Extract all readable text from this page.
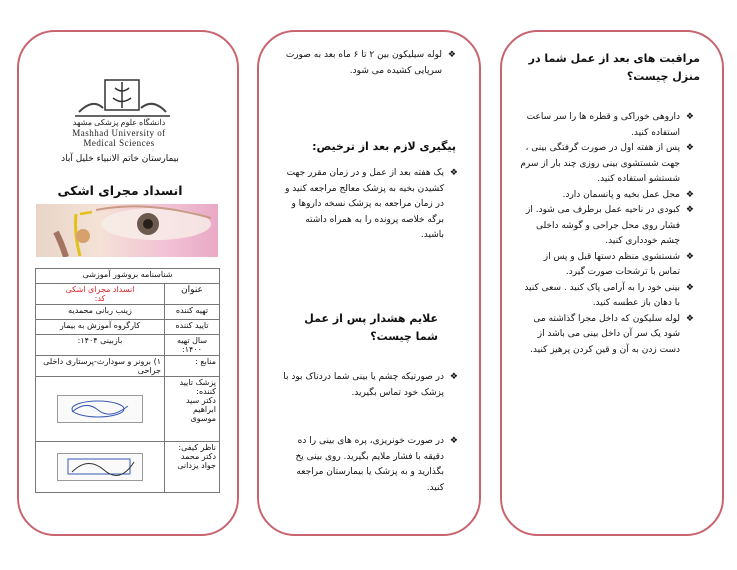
دانشگاه علوم پزشکی مشهد
Mashhad University of
Medical Sciences
بیمارستان خاتم الانبیاء خلیل آباد
انسداد مجرای اشکی
شناسنامه بروشور آموزشی	
عنوان	انسداد مجرای اشکی
کد:

تهیه کننده	زینب ربانی محمدیه
تایید کننده	کارگروه آموزش به بیمار
سال تهیه ۱۴۰۰:	بازبینی ۱۴۰۴:
منابع :	۱) برونر و سودارث-پرستاری داخلی جراحی

پزشک تایید کننده:
دکتر سید ابراهیم موسوی

ناظر کیفی:
دکتر محمد جواد یزدانی

❖ لوله سیلیکون بین ۲ تا ۶ ماه بعد به صورت سرپایی کشیده می شود.
پیگیری لازم بعد از ترخیص:
❖ یک هفته بعد از عمل و در زمان مقرر جهت کشیدن بخیه به پزشک معالج مراجعه کنید و در زمان مراجعه به پزشک نسخه داروها و برگه خلاصه پرونده را به همراه داشته باشید.
علایم هشدار پس از عمل شما چیست؟
❖ در صورتیکه چشم یا بینی شما دردناک بود با پزشک خود تماس بگیرید.
❖ در صورت خونریزی، پره های بینی را ده دقیقه با فشار ملایم بگیرید. روی بینی یخ بگذارید و به پزشک یا بیمارستان مراجعه کنید.
مراقبت های بعد از عمل شما در منزل چیست؟
❖ داروهی خوراکی و قطره ها را سر ساعت استفاده کنید.
❖ پس از هفته اول در صورت گرفتگی بینی ، جهت شستشوی بینی روزی چند بار از سرم شستشو استفاده کنید.
❖ محل عمل بخیه و پانسمان دارد.
❖ کبودی در ناحیه عمل برطرف می شود. از فشار روی محل جراحی و گوشه داخلی چشم خودداری کنید.
❖ شستشوی منظم دستها قبل و پس از تماس با ترشحات صورت گیرد.
❖ بینی خود را به آرامی پاک کنید . سعی کنید با دهان باز عطسه کنید.
❖ لوله سلیکون که داخل مجرا گذاشته می شود یک سر آن داخل بینی می باشد از دست زدن به آن و قین کردن پرهیز کنید.
